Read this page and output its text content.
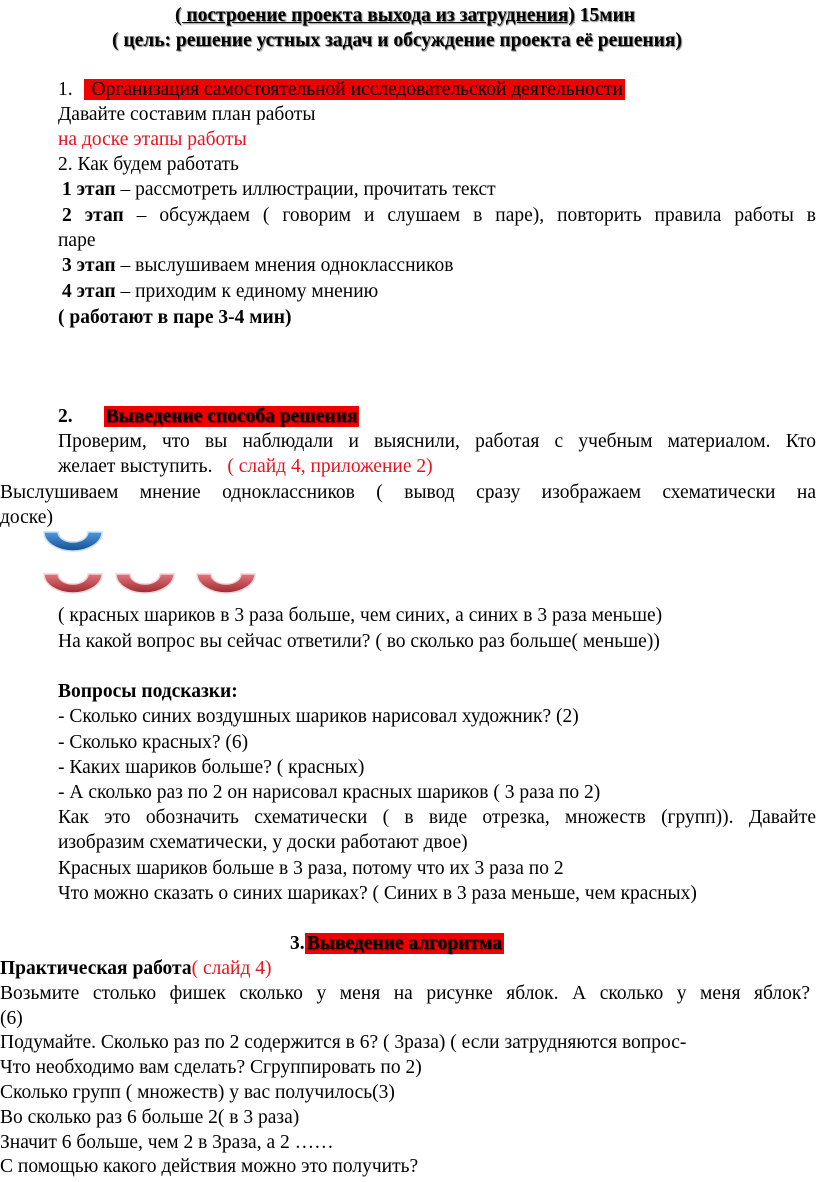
( построение проекта выхода из затруднения) 15мин
( цель: решение устных задач и обсуждение проекта её решения)
1. Организация самостоятельной исследовательской деятельности
Давайте составим план работы
на доске этапы работы
2. Как будем работать
1 этап – рассмотреть иллюстрации, прочитать текст
2 этап – обсуждаем ( говорим и слушаем в паре), повторить правила работы в
паре
3 этап – выслушиваем мнения одноклассников
4 этап – приходим к единому мнению
( работают в паре 3-4 мин)
2. Выведение способа решения
Проверим, что вы наблюдали и выяснили, работая с учебным материалом. Кто
желает выступить. ( слайд 4, приложение 2)
Выслушиваем мнение одноклассников ( вывод сразу изображаем схематически на
доске)
( красных шариков в 3 раза больше, чем синих, а синих в 3 раза меньше)
На какой вопрос вы сейчас ответили? ( во сколько раз больше( меньше))
Вопросы подсказки:
- Сколько синих воздушных шариков нарисовал художник? (2)
- Сколько красных? (6)
- Каких шариков больше? ( красных)
- А сколько раз по 2 он нарисовал красных шариков ( 3 раза по 2)
Как это обозначить схематически ( в виде отрезка, множеств (групп)). Давайте
изобразим схематически, у доски работают двое)
Красных шариков больше в 3 раза, потому что их 3 раза по 2
Что можно сказать о синих шариках? ( Синих в 3 раза меньше, чем красных)
3. Выведение алгоритма
Практическая работа( слайд 4)
Возьмите столько фишек сколько у меня на рисунке яблок. А сколько у меня яблок?
(6)
Подумайте. Сколько раз по 2 содержится в 6? ( 3раза) ( если затрудняются вопрос-
Что необходимо вам сделать? Сгруппировать по 2)
Сколько групп ( множеств) у вас получилось(3)
Во сколько раз 6 больше 2( в 3 раза)
Значит 6 больше, чем 2 в 3раза, а 2 ……
С помощью какого действия можно это получить?
